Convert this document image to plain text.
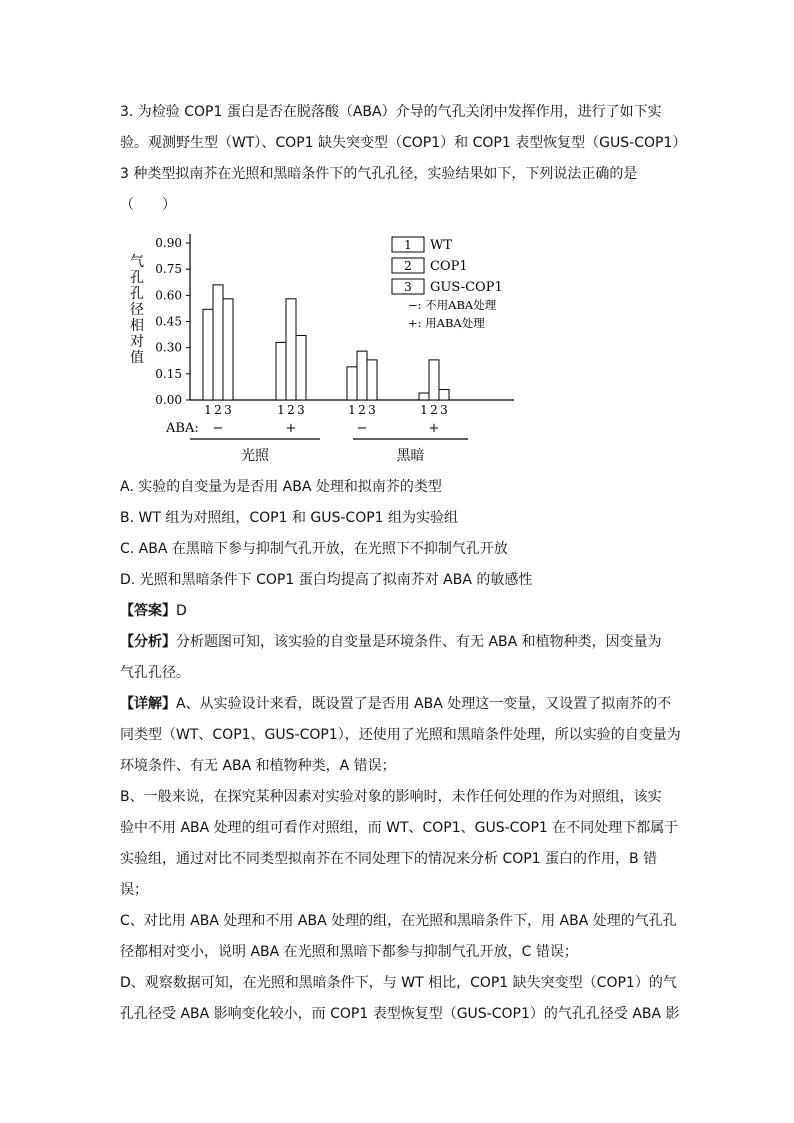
3. 为检验 COP1 蛋白是否在脱落酸（ABA）介导的气孔关闭中发挥作用，进行了如下实
验。观测野生型（WT）、COP1 缺失突变型（COP1）和 COP1 表型恢复型（GUS-COP1）
3 种类型拟南芥在光照和黑暗条件下的气孔孔径，实验结果如下，下列说法正确的是
（　　）
气孔孔径相对值
0.00
0.15
0.30
0.45
0.60
0.75
0.90
ABA:
1 2 3
−
1 2 3
+
1 2 3
−
1 2 3
+
光照	黑暗
1 WT
2 COP1
3 GUS-COP1
−: 不用ABA处理
+: 用ABA处理
A. 实验的自变量为是否用 ABA 处理和拟南芥的类型
B. WT 组为对照组，COP1 和 GUS-COP1 组为实验组
C. ABA 在黑暗下参与抑制气孔开放，在光照下不抑制气孔开放
D. 光照和黑暗条件下 COP1 蛋白均提高了拟南芥对 ABA 的敏感性
【答案】D
【分析】分析题图可知，该实验的自变量是环境条件、有无 ABA 和植物种类，因变量为
气孔孔径。
【详解】A、从实验设计来看，既设置了是否用 ABA 处理这一变量，又设置了拟南芥的不
同类型（WT、COP1、GUS-COP1），还使用了光照和黑暗条件处理，所以实验的自变量为
环境条件、有无 ABA 和植物种类，A 错误；
B、一般来说，在探究某种因素对实验对象的影响时，未作任何处理的作为对照组，该实
验中不用 ABA 处理的组可看作对照组，而 WT、COP1、GUS-COP1 在不同处理下都属于
实验组，通过对比不同类型拟南芥在不同处理下的情况来分析 COP1 蛋白的作用，B 错
误；
C、对比用 ABA 处理和不用 ABA 处理的组，在光照和黑暗条件下，用 ABA 处理的气孔孔
径都相对变小，说明 ABA 在光照和黑暗下都参与抑制气孔开放，C 错误；
D、观察数据可知，在光照和黑暗条件下，与 WT 相比，COP1 缺失突变型（COP1）的气
孔孔径受 ABA 影响变化较小，而 COP1 表型恢复型（GUS-COP1）的气孔孔径受 ABA 影
